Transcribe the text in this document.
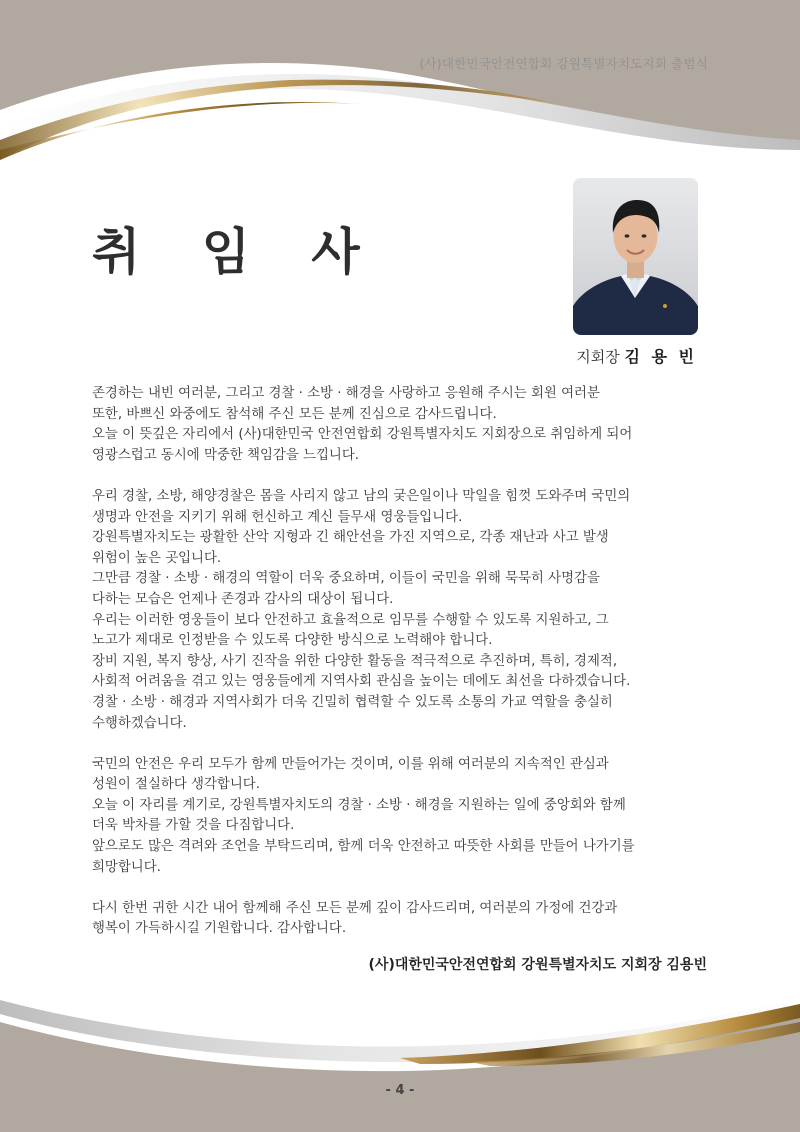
(사)대한민국안전연합회 강원특별자치도지회 출범식
취 임 사
지회장 김 용 빈

존경하는 내빈 여러분, 그리고 경찰 · 소방 · 해경을 사랑하고 응원해 주시는 회원 여러분
또한, 바쁘신 와중에도 참석해 주신 모든 분께 진심으로 감사드립니다.
오늘 이 뜻깊은 자리에서 (사)대한민국 안전연합회 강원특별자치도 지회장으로 취임하게 되어
영광스럽고 동시에 막중한 책임감을 느낍니다.

우리 경찰, 소방, 해양경찰은 몸을 사리지 않고 남의 궂은일이나 막일을 힘껏 도와주며 국민의
생명과 안전을 지키기 위해 헌신하고 계신 들무새 영웅들입니다.
강원특별자치도는 광활한 산악 지형과 긴 해안선을 가진 지역으로, 각종 재난과 사고 발생
위험이 높은 곳입니다.
그만큼 경찰 · 소방 · 해경의 역할이 더욱 중요하며, 이들이 국민을 위해 묵묵히 사명감을
다하는 모습은 언제나 존경과 감사의 대상이 됩니다.
우리는 이러한 영웅들이 보다 안전하고 효율적으로 임무를 수행할 수 있도록 지원하고, 그
노고가 제대로 인정받을 수 있도록 다양한 방식으로 노력해야 합니다.
장비 지원, 복지 향상, 사기 진작을 위한 다양한 활동을 적극적으로 추진하며, 특히, 경제적,
사회적 어려움을 겪고 있는 영웅들에게 지역사회 관심을 높이는 데에도 최선을 다하겠습니다.
경찰 · 소방 · 해경과 지역사회가 더욱 긴밀히 협력할 수 있도록 소통의 가교 역할을 충실히
수행하겠습니다.

국민의 안전은 우리 모두가 함께 만들어가는 것이며, 이를 위해 여러분의 지속적인 관심과
성원이 절실하다 생각합니다.
오늘 이 자리를 계기로, 강원특별자치도의 경찰 · 소방 · 해경을 지원하는 일에 중앙회와 함께
더욱 박차를 가할 것을 다짐합니다.
앞으로도 많은 격려와 조언을 부탁드리며, 함께 더욱 안전하고 따뜻한 사회를 만들어 나가기를
희망합니다.

다시 한번 귀한 시간 내어 함께해 주신 모든 분께 깊이 감사드리며, 여러분의 가정에 건강과
행복이 가득하시길 기원합니다. 감사합니다.

(사)대한민국안전연합회 강원특별자치도 지회장 김용빈
- 4 -
